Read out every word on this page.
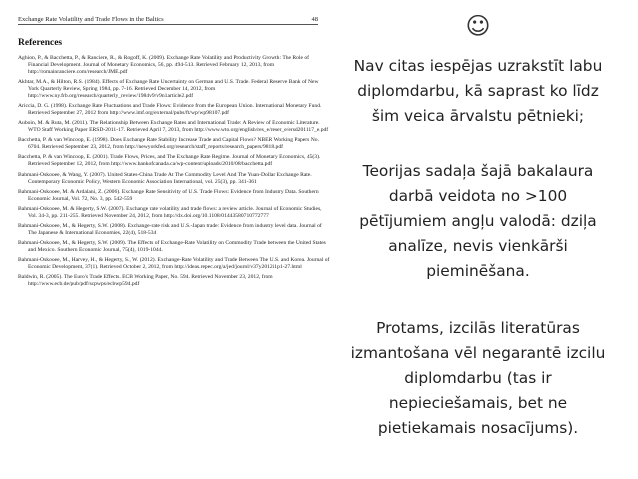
Exchange Rate Volatility and Trade Flows in the Baltics	48
References

Aghion, P., & Bacchetta, P., & Ranciere, R., & Rogoff, K. (2009). Exchange Rate Volatility and Productivity Growth: The Role of Financial Development. Journal of Monetary Economics, 56, pp. 494-513. Retrieved February 12, 2013, from http://romainranciere.com/research/JME.pdf

Akhtar, M.A., & Hilton, R.S. (1984). Effects of Exchange Rate Uncertainty on German and U.S. Trade. Federal Reserve Bank of New York Quarterly Review, Spring 1984, pp. 7-16. Retrieved December 14, 2012, from http://www.ny.frb.org/research/quarterly_review/1984v9/v9n1article2.pdf

Ariccia, D. G. (1998). Exchange Rate Fluctuations and Trade Flows: Evidence from the European Union. International Monetary Fund. Retrieved September 27, 2012 from http://www.imf.org/external/pubs/ft/wp/wp98107.pdf

Auboin, M. & Ruta, M. (2011). The Relationship Between Exchange Rates and International Trade: A Review of Economic Literature. WTO Staff Working Paper ERSD-2011-17. Retrieved April 7, 2013, from http://www.wto.org/english/res_e/reser_e/ersd201117_e.pdf

Bacchetta, P. & van Wincoop, E. (1998). Does Exchange Rate Stability Increase Trade and Capital Flows? NBER Working Papers No. 6704. Retrieved September 23, 2012, from http://newyorkfed.org/research/staff_reports/research_papers/9818.pdf

Bacchetta, P. & van Wincoop, E. (2001). Trade Flows, Prices, and The Exchange Rate Regime. Journal of Monetary Economics, 45(3). Retrieved September 12, 2012, from http://www.bankofcanada.ca/wp-content/uploads/2010/08/bacchetta.pdf

Bahmani-Oskooee, & Wang, Y. (2007). United States-China Trade At The Commodity Level And The Yuan-Dollar Exchange Rate. Contemporary Economic Policy, Western Economic Association International, vol. 25(3), pp. 341-361

Bahmani-Oskooee, M. & Ardalani, Z. (2006). Exchange Rate Sensitivity of U.S. Trade Flows: Evidence from Industry Data. Southern Economic Journal, Vol. 72, No. 3, pp. 542-559

Bahmani-Oskooee, M. & Hegerty, S.W. (2007). Exchange rate volatility and trade flows: a review article. Journal of Economic Studies, Vol. 34-3, pp. 211-255. Retrieved November 24, 2012, from http://dx.doi.org/10.1108/01443580710772777

Bahmani-Oskooee, M., & Hegerty, S.W. (2008). Exchange-rate risk and U.S.-Japan trade: Evidence from industry level data. Journal of The Japanese & International Economies, 22(4), 518-534

Bahmani-Oskooee, M., & Hegerty, S.W. (2009). The Effects of Exchange-Rate Volatility on Commodity Trade between the United States and Mexico. Southern Economic Journal, 75(4), 1019-1044.

Bahmani-Oskooee, M., Harvey, H., & Hegerty, S., W. (2012). Exchange-Rate Volatility and Trade Between The U.S. and Korea. Journal of Economic Development, 37(1). Retrieved October 2, 2012, from http://ideas.repec.org/a/jed/journl/v37y2012i1p1-27.html

Baldwin, R. (2005). The Euro's Trade Effects. ECB Working Paper, No. 594. Retrieved November 23, 2012, from http://www.ecb.de/pub/pdf/scpwps/ecbwp594.pdf

☺
Nav citas iespējas uzrakstīt labu
diplomdarbu, kā saprast ko līdz
šim veica ārvalstu pētnieki;
Teorijas sadaļa šajā bakalaura
darbā veidota no >100
pētījumiem angļu valodā: dziļa
analīze, nevis vienkārši
pieminēšana.
Protams, izcilās literatūras
izmantošana vēl negarantē izcilu
diplomdarbu (tas ir
nepieciešamais, bet ne
pietiekamais nosacījums).
